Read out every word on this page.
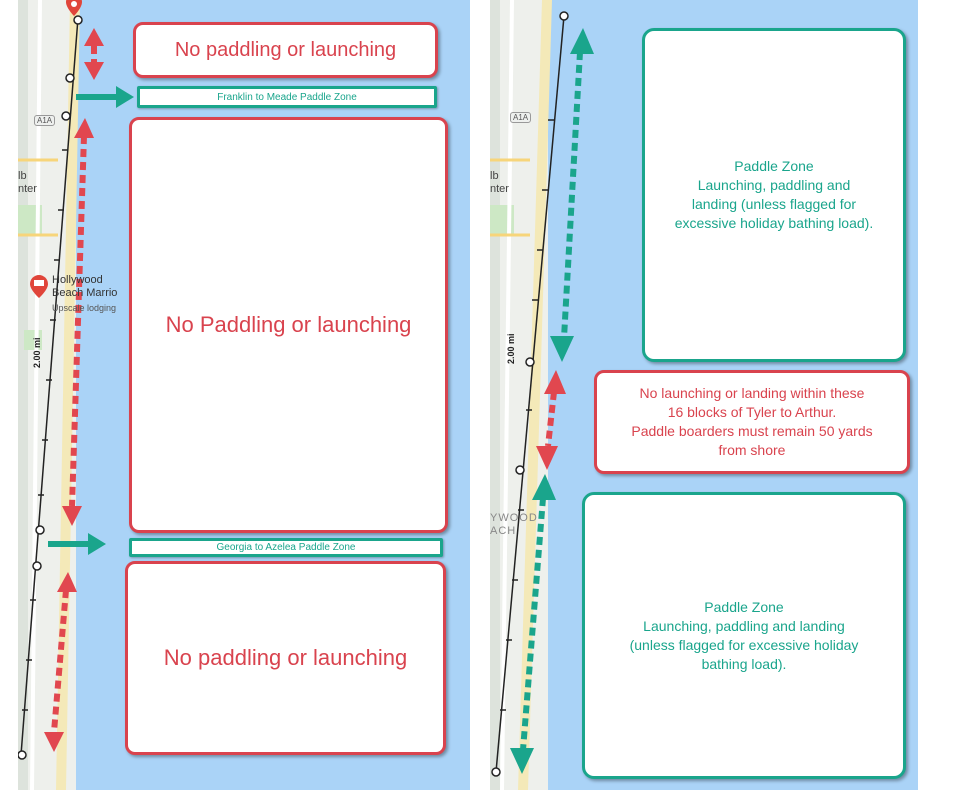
A1A
lb
nter
Hollywood
Beach Marrio
Upscale lodging
2.00 mi
No paddling or launching
Franklin to Meade Paddle Zone
No Paddling or launching
Georgia to Azelea Paddle Zone
No paddling or launching
A1A
lb
nter
YWOOD
ACH
2.00 mi
Paddle Zone
Launching, paddling and
landing (unless flagged for
excessive holiday bathing load).
No launching or landing within these
16 blocks of Tyler to Arthur.
Paddle boarders must remain 50 yards
from shore
Paddle Zone
Launching, paddling and landing
(unless flagged for excessive holiday
bathing load).
